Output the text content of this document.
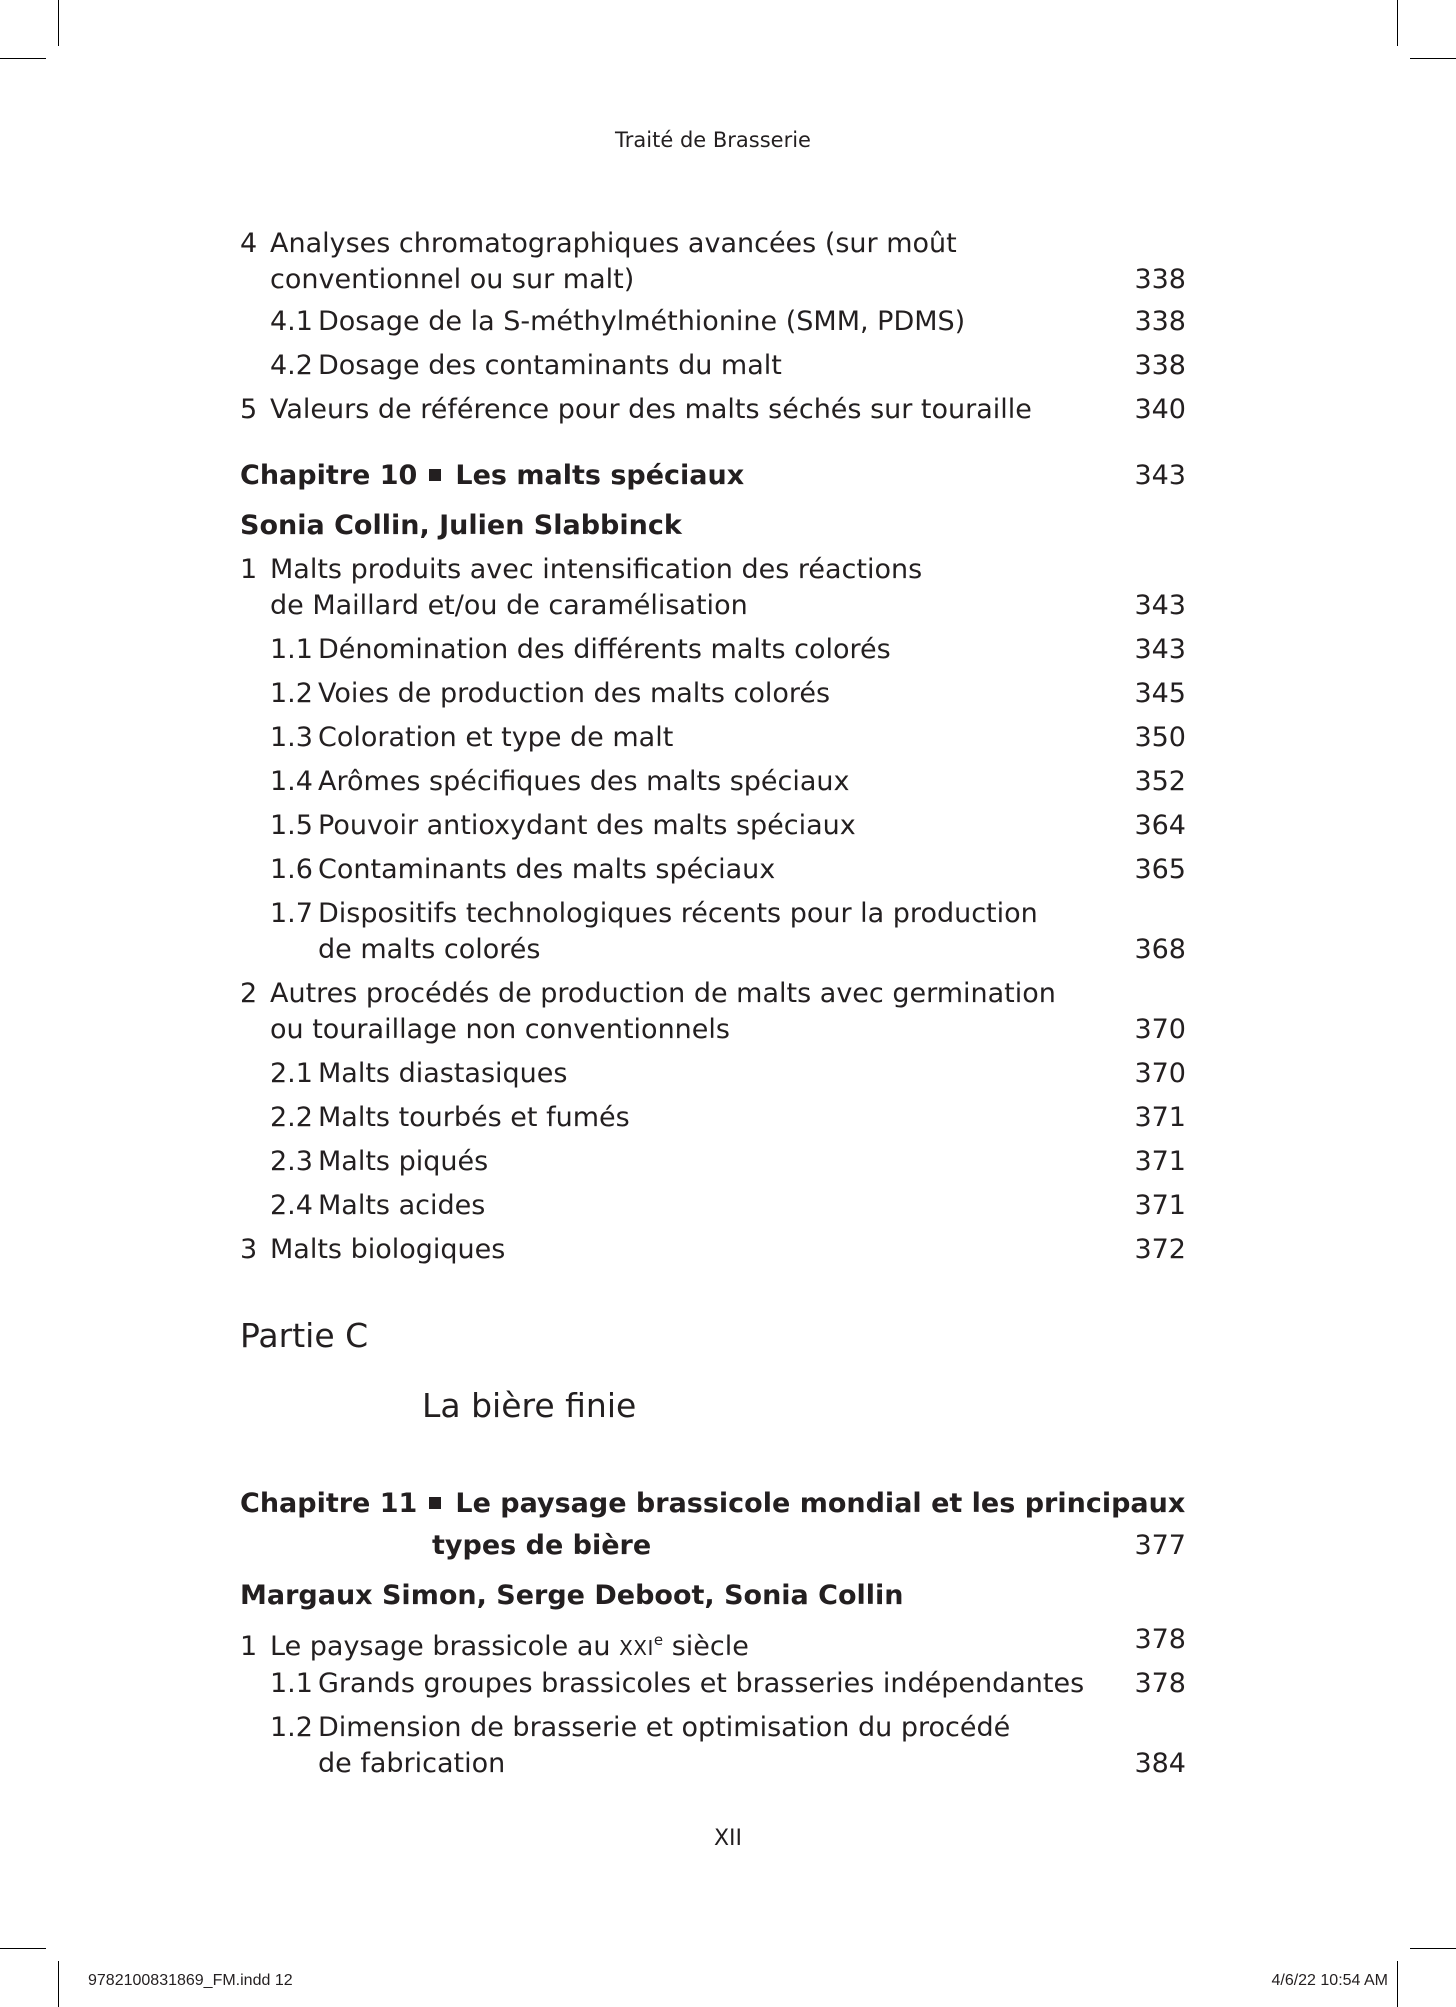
Traité de Brasserie
4 Analyses chromatographiques avancées (sur moût
conventionnel ou sur malt)	338
4.1 Dosage de la S-méthylméthionine (SMM, PDMS)	338
4.2 Dosage des contaminants du malt	338
5 Valeurs de référence pour des malts séchés sur touraille	340
Chapitre 10 Les malts spéciaux	343
Sonia Collin, Julien Slabbinck
1 Malts produits avec intensification des réactions
de Maillard et/ou de caramélisation	343
1.1 Dénomination des différents malts colorés	343
1.2 Voies de production des malts colorés	345
1.3 Coloration et type de malt	350
1.4 Arômes spécifiques des malts spéciaux	352
1.5 Pouvoir antioxydant des malts spéciaux	364
1.6 Contaminants des malts spéciaux	365
1.7 Dispositifs technologiques récents pour la production
de malts colorés	368
2 Autres procédés de production de malts avec germination
ou touraillage non conventionnels	370
2.1 Malts diastasiques	370
2.2 Malts tourbés et fumés	371
2.3 Malts piqués	371
2.4 Malts acides	371
3 Malts biologiques	372
Partie C
La bière finie
Chapitre 11 Le paysage brassicole mondial et les principaux
types de bière	377
Margaux Simon, Serge Deboot, Sonia Collin
1 Le paysage brassicole au XXIe siècle	378
1.1 Grands groupes brassicoles et brasseries indépendantes 378
1.2 Dimension de brasserie et optimisation du procédé
de fabrication	384
XII
9782100831869_FM.indd 12	4/6/22 10:54 AM
